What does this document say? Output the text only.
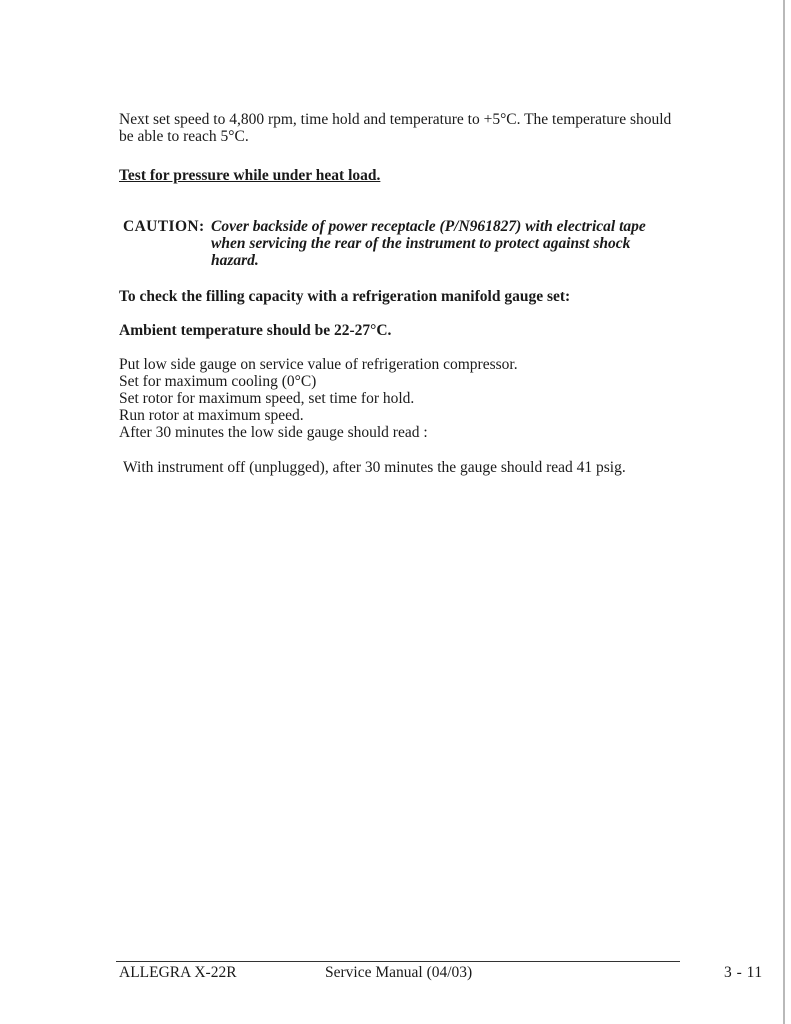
Next set speed to 4,800 rpm, time hold and temperature to +5°C. The temperature should be able to reach 5°C.

Test for pressure while under heat load.
CAUTION: Cover backside of power receptacle (P/N961827) with electrical tape when servicing the rear of the instrument to protect against shock hazard.
To check the filling capacity with a refrigeration manifold gauge set:
Ambient temperature should be 22-27°C.
Put low side gauge on service value of refrigeration compressor.
Set for maximum cooling (0°C)
Set rotor for maximum speed, set time for hold.
Run rotor at maximum speed.
After 30 minutes the low side gauge should read :
With instrument off (unplugged), after 30 minutes the gauge should read 41 psig.
ALLEGRA X-22R	Service Manual (04/03)	3 - 11
